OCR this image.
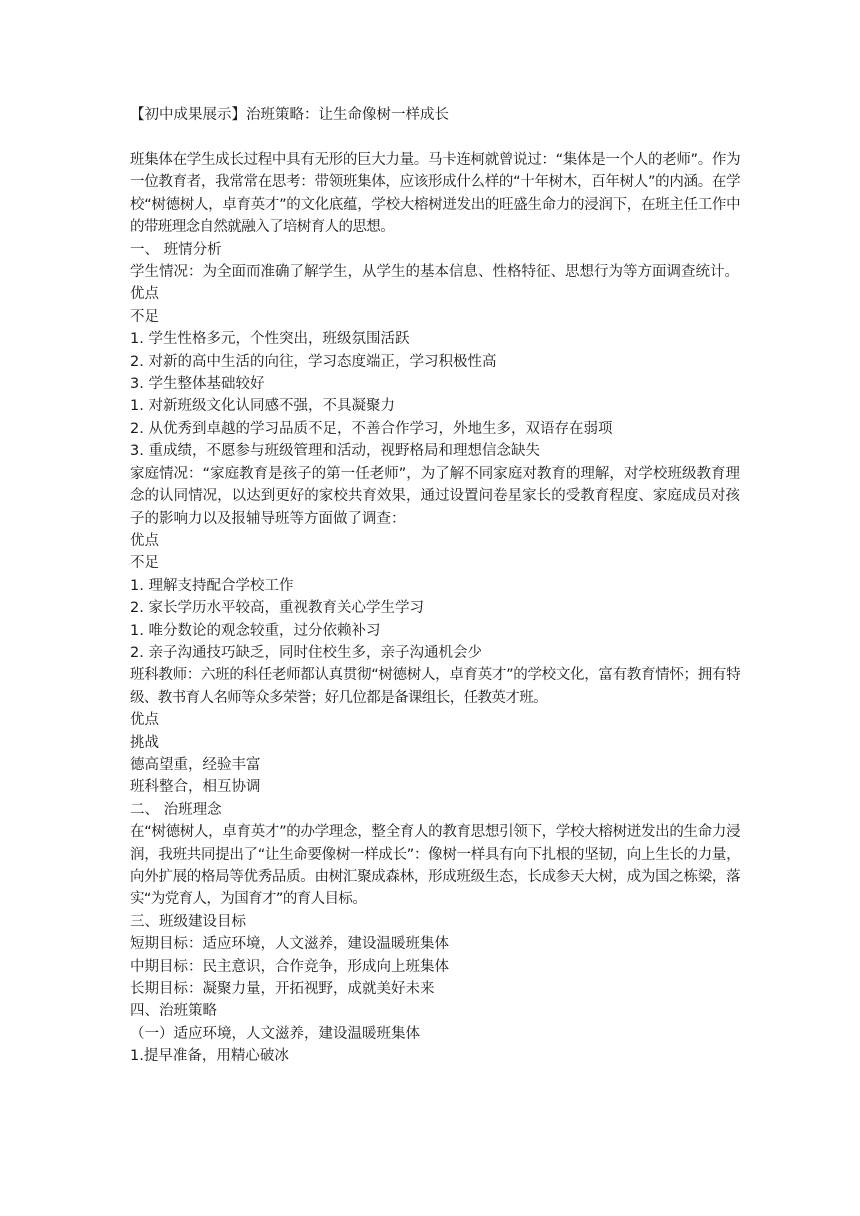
【初中成果展示】治班策略：让生命像树一样成长

班集体在学生成长过程中具有无形的巨大力量。马卡连柯就曾说过：“集体是一个人的老师”。作为一位教育者，我常常在思考：带领班集体，应该形成什么样的“十年树木，百年树人”的内涵。在学校“树德树人，卓育英才”的文化底蕴，学校大榕树迸发出的旺盛生命力的浸润下，在班主任工作中的带班理念自然就融入了培树育人的思想。

一、 班情分析

学生情况：为全面而准确了解学生，从学生的基本信息、性格特征、思想行为等方面调查统计。

优点

不足

1. 学生性格多元，个性突出，班级氛围活跃

2. 对新的高中生活的向往，学习态度端正，学习积极性高

3. 学生整体基础较好

1. 对新班级文化认同感不强，不具凝聚力

2. 从优秀到卓越的学习品质不足，不善合作学习，外地生多，双语存在弱项

3. 重成绩，不愿参与班级管理和活动，视野格局和理想信念缺失

家庭情况：“家庭教育是孩子的第一任老师”，为了解不同家庭对教育的理解，对学校班级教育理念的认同情况，以达到更好的家校共育效果，通过设置问卷星家长的受教育程度、家庭成员对孩子的影响力以及报辅导班等方面做了调查：

优点

不足

1. 理解支持配合学校工作

2. 家长学历水平较高，重视教育关心学生学习

1. 唯分数论的观念较重，过分依赖补习

2. 亲子沟通技巧缺乏，同时住校生多，亲子沟通机会少

班科教师：六班的科任老师都认真贯彻“树德树人，卓育英才”的学校文化，富有教育情怀；拥有特级、教书育人名师等众多荣誉；好几位都是备课组长，任教英才班。

优点

挑战

德高望重，经验丰富

班科整合，相互协调

二、 治班理念

在“树德树人，卓育英才”的办学理念，整全育人的教育思想引领下，学校大榕树迸发出的生命力浸润，我班共同提出了“让生命要像树一样成长”：像树一样具有向下扎根的坚韧，向上生长的力量，向外扩展的格局等优秀品质。由树汇聚成森林，形成班级生态，长成参天大树，成为国之栋梁，落实“为党育人，为国育才”的育人目标。

三、班级建设目标

短期目标：适应环境，人文滋养，建设温暖班集体

中期目标：民主意识，合作竞争，形成向上班集体

长期目标：凝聚力量，开拓视野，成就美好未来

四、治班策略

（一）适应环境，人文滋养，建设温暖班集体

1.提早准备，用精心破冰
